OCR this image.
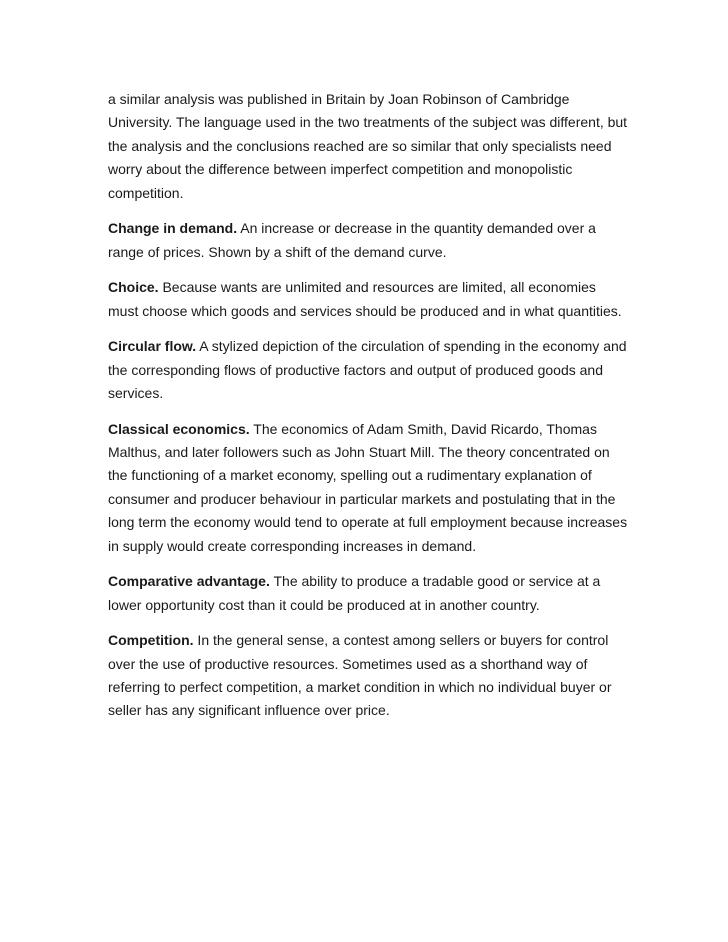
a similar analysis was published in Britain by Joan Robinson of Cambridge University. The language used in the two treatments of the subject was different, but the analysis and the conclusions reached are so similar that only specialists need worry about the difference between imperfect competition and monopolistic competition.

Change in demand. An increase or decrease in the quantity demanded over a range of prices. Shown by a shift of the demand curve.

Choice. Because wants are unlimited and resources are limited, all economies must choose which goods and services should be produced and in what quantities.

Circular flow. A stylized depiction of the circulation of spending in the economy and the corresponding flows of productive factors and output of produced goods and services.

Classical economics. The economics of Adam Smith, David Ricardo, Thomas Malthus, and later followers such as John Stuart Mill. The theory concentrated on the functioning of a market economy, spelling out a rudimentary explanation of consumer and producer behaviour in particular markets and postulating that in the long term the economy would tend to operate at full employment because increases in supply would create corresponding increases in demand.

Comparative advantage. The ability to produce a tradable good or service at a lower opportunity cost than it could be produced at in another country.

Competition. In the general sense, a contest among sellers or buyers for control over the use of productive resources. Sometimes used as a shorthand way of referring to perfect competition, a market condition in which no individual buyer or seller has any significant influence over price.
